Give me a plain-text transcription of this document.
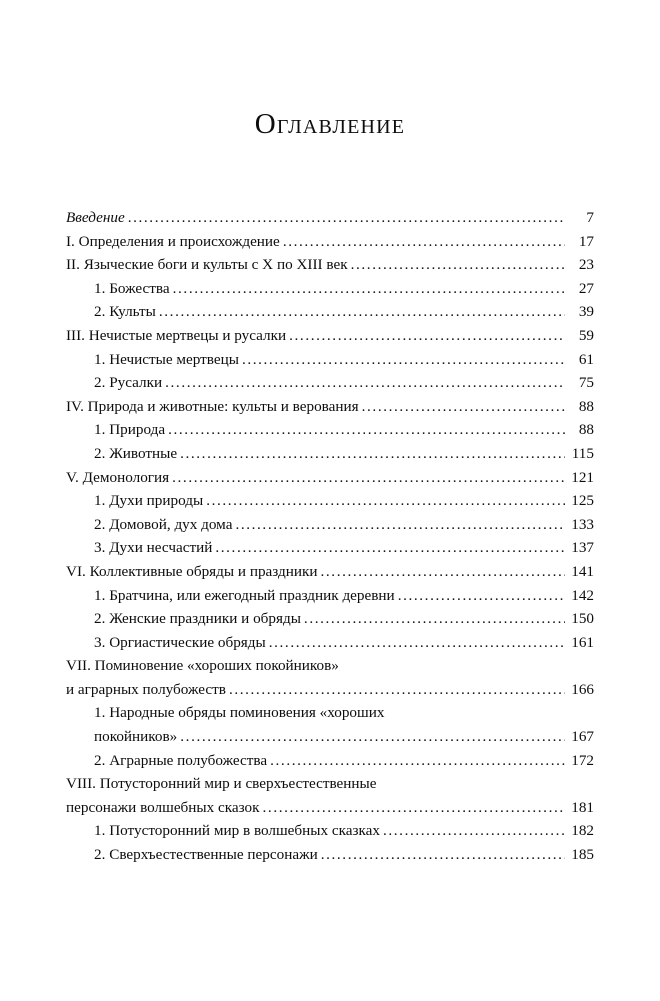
Оглавление
Введение .....	7
I. Определения и происхождение .....	17
II. Языческие боги и культы с X по XIII век .....	23
1. Божества .....	27
2. Культы .....	39
III. Нечистые мертвецы и русалки .....	59
1. Нечистые мертвецы .....	61
2. Русалки .....	75
IV. Природа и животные: культы и верования .....	88
1. Природа .....	88
2. Животные .....	115
V. Демонология .....	121
1. Духи природы .....	125
2. Домовой, дух дома .....	133
3. Духи несчастий .....	137
VI. Коллективные обряды и праздники .....	141
1. Братчина, или ежегодный праздник деревни .....	142
2. Женские праздники и обряды .....	150
3. Оргиастические обряды .....	161
VII. Поминовение «хороших покойников»
и аграрных полубожеств .....	166
1. Народные обряды поминовения «хороших
покойников» .....	167
2. Аграрные полубожества .....	172
VIII. Потусторонний мир и сверхъестественные
персонажи волшебных сказок .....	181
1. Потусторонний мир в волшебных сказках .....	182
2. Сверхъестественные персонажи .....	185
